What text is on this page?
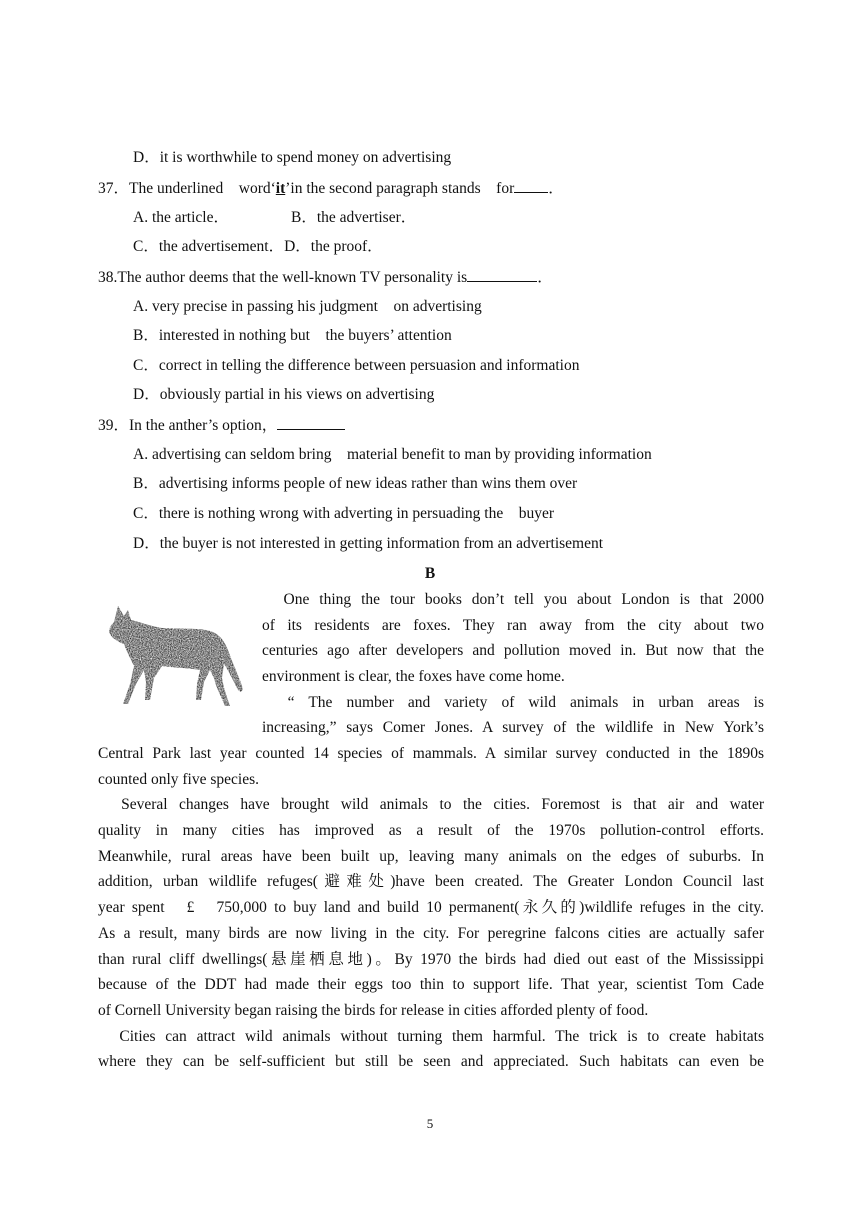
D．it is worthwhile to spend money on advertising
37．The underlined　word‘it’in the second paragraph stands　for ．
A. the article．	B．the advertiser．
C．the advertisement．D．the proof．
38.The author deems that the well-known TV personality is	．
A. very precise in passing his judgment　on advertising
B．interested in nothing but　the buyers’ attention
C．correct in telling the difference between persuasion and information
D．obviously partial in his views on advertising
39．In the anther’s option，
A. advertising can seldom bring　material benefit to man by providing information
B．advertising informs people of new ideas rather than wins them over
C．there is nothing wrong with adverting in persuading the　buyer
D．the buyer is not interested in getting information from an advertisement
B
　One thing the tour books don’t tell you about London is that 2000
of its residents are foxes. They ran away from the city about two
centuries ago after developers and pollution moved in. But now that the
environment is clear, the foxes have come home.
　“ The number and variety of wild animals in urban areas is
increasing,” says Comer Jones. A survey of the wildlife in New York’s
Central Park last year counted 14 species of mammals. A similar survey conducted in the 1890s
counted only five species.
　Several changes have brought wild animals to the cities. Foremost is that air and water
quality in many cities has improved as a result of the 1970s pollution-control efforts.
Meanwhile, rural areas have been built up, leaving many animals on the edges of suburbs. In
addition, urban wildlife refuges(避难处)have been created. The Greater London Council last
year spent　£　750,000 to buy land and build 10 permanent(永久的)wildlife refuges in the city.
As a result, many birds are now living in the city. For peregrine falcons cities are actually safer
than rural cliff dwellings(悬崖栖息地)。By 1970 the birds had died out east of the Mississippi
because of the DDT had made their eggs too thin to support life. That year, scientist Tom Cade
of Cornell University began raising the birds for release in cities afforded plenty of food.
　Cities can attract wild animals without turning them harmful. The trick is to create habitats
where they can be self-sufficient but still be seen and appreciated. Such habitats can even be
5
